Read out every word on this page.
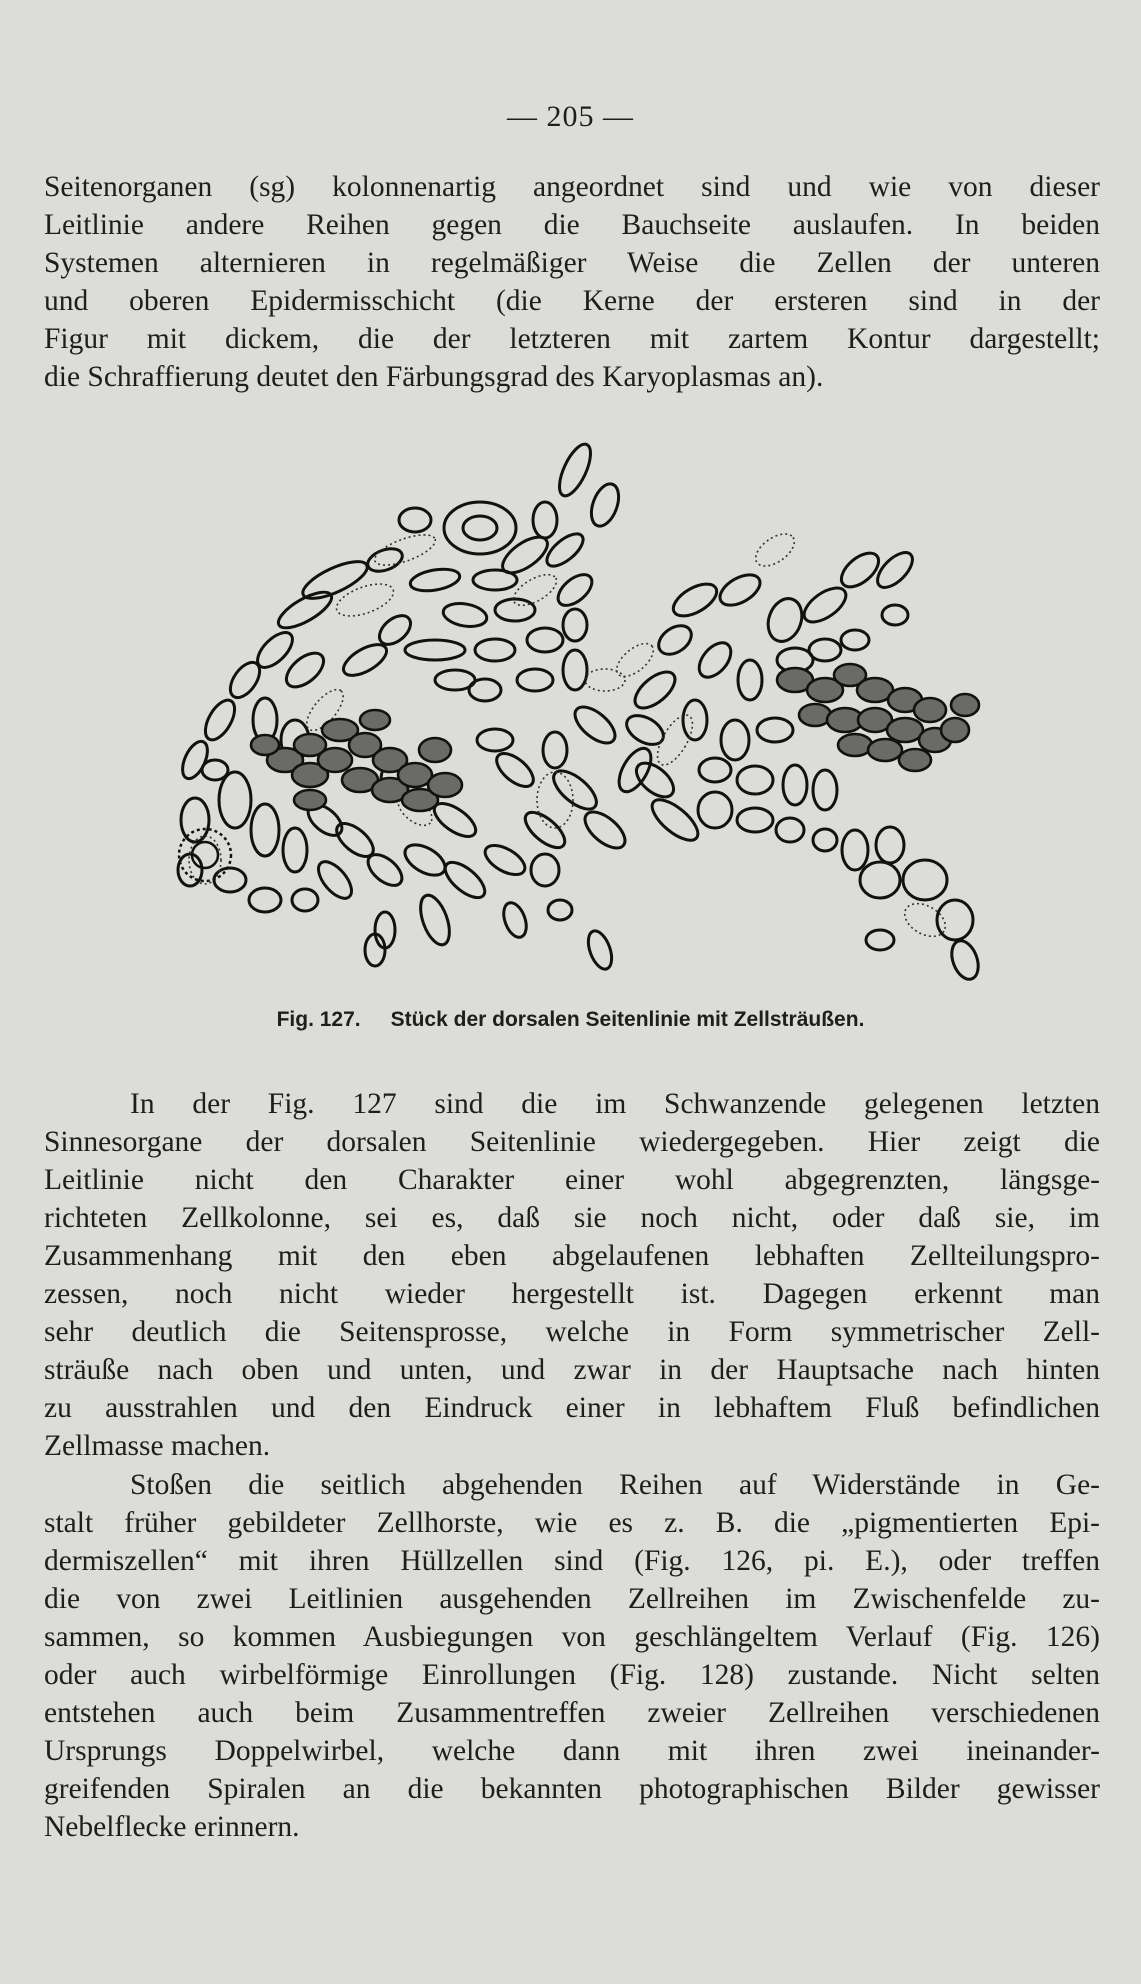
— 205 —
Seitenorganen (sg) kolonnenartig angeordnet sind und wie von dieser
Leitlinie andere Reihen gegen die Bauchseite auslaufen. In beiden
Systemen alternieren in regelmäßiger Weise die Zellen der unteren
und oberen Epidermisschicht (die Kerne der ersteren sind in der
Figur mit dickem, die der letzteren mit zartem Kontur dargestellt;
die Schraffierung deutet den Färbungsgrad des Karyoplasmas an).
Fig. 127. Stück der dorsalen Seitenlinie mit Zellsträußen.
In der Fig. 127 sind die im Schwanzende gelegenen letzten
Sinnesorgane der dorsalen Seitenlinie wiedergegeben. Hier zeigt die
Leitlinie nicht den Charakter einer wohl abgegrenzten, längsge-
richteten Zellkolonne, sei es, daß sie noch nicht, oder daß sie, im
Zusammenhang mit den eben abgelaufenen lebhaften Zellteilungspro-
zessen, noch nicht wieder hergestellt ist. Dagegen erkennt man
sehr deutlich die Seitensprosse, welche in Form symmetrischer Zell-
sträuße nach oben und unten, und zwar in der Hauptsache nach hinten
zu ausstrahlen und den Eindruck einer in lebhaftem Fluß befindlichen
Zellmasse machen.
Stoßen die seitlich abgehenden Reihen auf Widerstände in Ge-
stalt früher gebildeter Zellhorste, wie es z. B. die „pigmentierten Epi-
dermiszellen“ mit ihren Hüllzellen sind (Fig. 126, pi. E.), oder treffen
die von zwei Leitlinien ausgehenden Zellreihen im Zwischenfelde zu-
sammen, so kommen Ausbiegungen von geschlängeltem Verlauf (Fig. 126)
oder auch wirbelförmige Einrollungen (Fig. 128) zustande. Nicht selten
entstehen auch beim Zusammentreffen zweier Zellreihen verschiedenen
Ursprungs Doppelwirbel, welche dann mit ihren zwei ineinander-
greifenden Spiralen an die bekannten photographischen Bilder gewisser
Nebelflecke erinnern.
